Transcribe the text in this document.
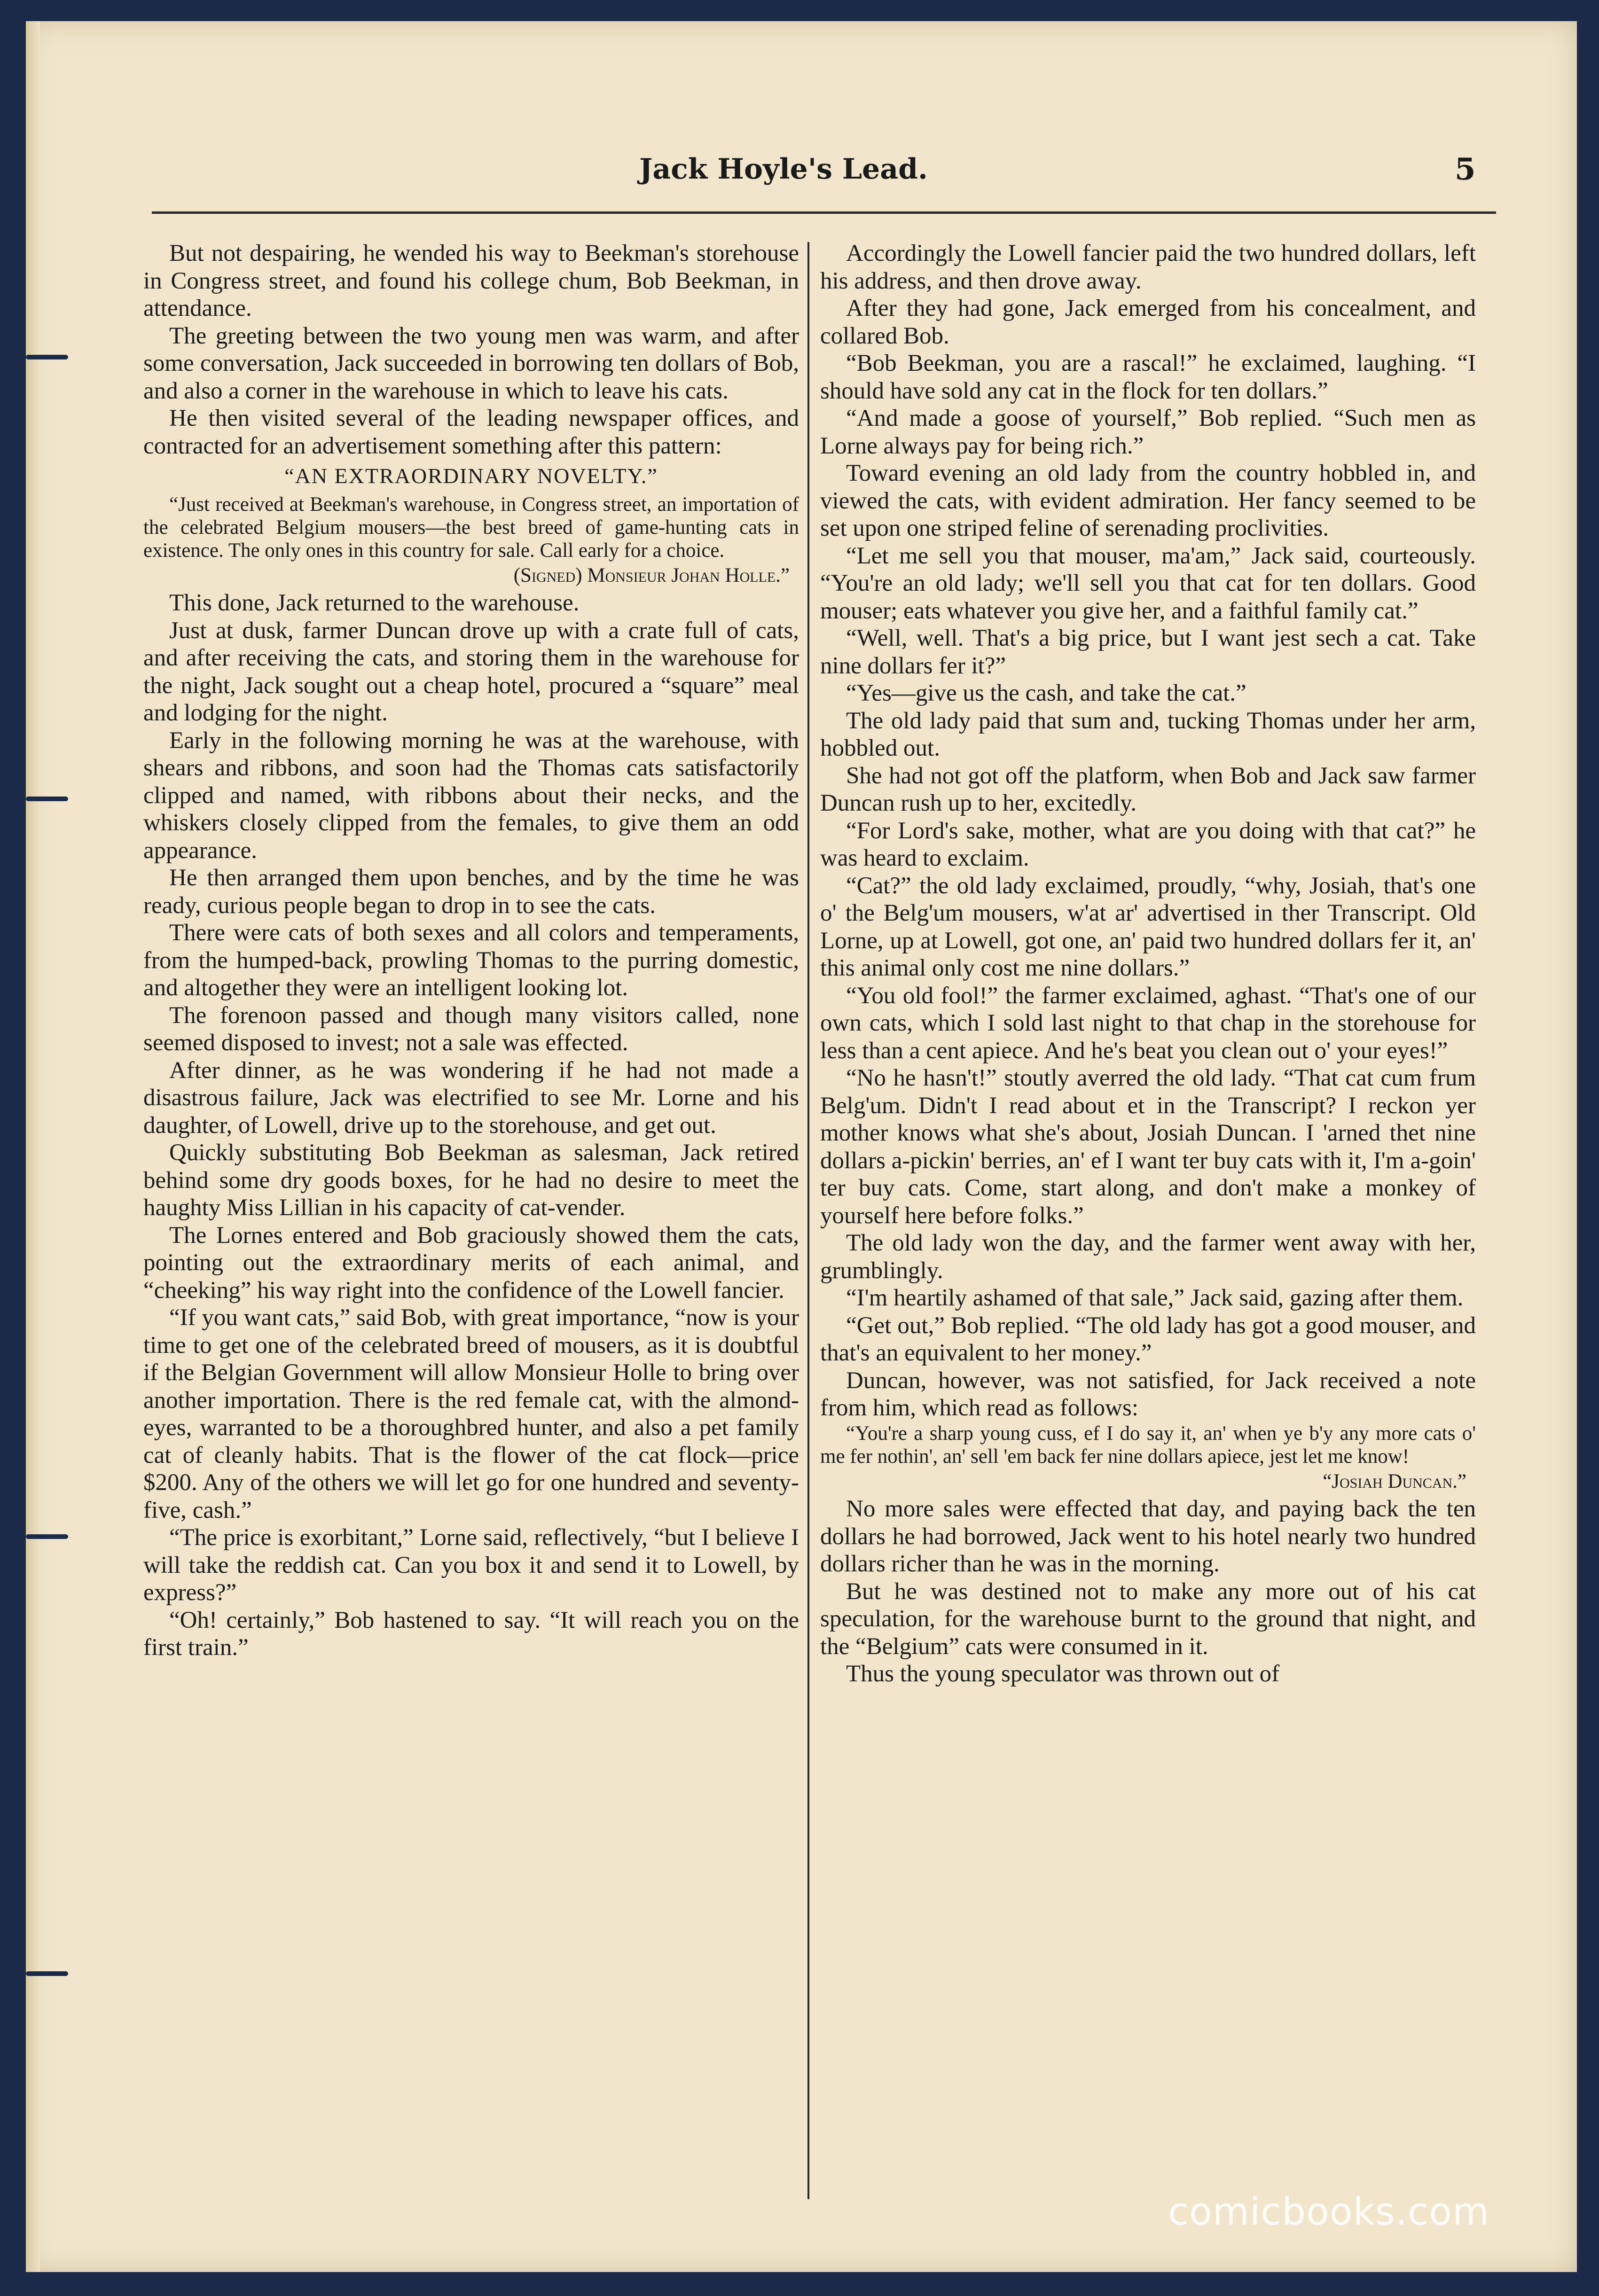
Jack Hoyle's Lead.	5

But not despairing, he wended his way to Beekman's storehouse in Congress street, and found his college chum, Bob Beekman, in attendance.

The greeting between the two young men was warm, and after some conversation, Jack succeeded in borrowing ten dollars of Bob, and also a corner in the warehouse in which to leave his cats.

He then visited several of the leading newspaper offices, and contracted for an advertisement something after this pattern:

“AN EXTRAORDINARY NOVELTY.”

“Just received at Beekman's warehouse, in Congress street, an importation of the celebrated Belgium mousers—the best breed of game-hunting cats in existence. The only ones in this country for sale. Call early for a choice.

(Signed) Monsieur Johan Holle.”

This done, Jack returned to the warehouse.

Just at dusk, farmer Duncan drove up with a crate full of cats, and after receiving the cats, and storing them in the warehouse for the night, Jack sought out a cheap hotel, procured a “square” meal and lodging for the night.

Early in the following morning he was at the warehouse, with shears and ribbons, and soon had the Thomas cats satisfactorily clipped and named, with ribbons about their necks, and the whiskers closely clipped from the females, to give them an odd appearance.

He then arranged them upon benches, and by the time he was ready, curious people began to drop in to see the cats.

There were cats of both sexes and all colors and temperaments, from the humped-back, prowling Thomas to the purring domestic, and altogether they were an intelligent looking lot.

The forenoon passed and though many visitors called, none seemed disposed to invest; not a sale was effected.

After dinner, as he was wondering if he had not made a disastrous failure, Jack was electrified to see Mr. Lorne and his daughter, of Lowell, drive up to the storehouse, and get out.

Quickly substituting Bob Beekman as salesman, Jack retired behind some dry goods boxes, for he had no desire to meet the haughty Miss Lillian in his capacity of cat-vender.

The Lornes entered and Bob graciously showed them the cats, pointing out the extraordinary merits of each animal, and “cheeking” his way right into the confidence of the Lowell fancier.

“If you want cats,” said Bob, with great importance, “now is your time to get one of the celebrated breed of mousers, as it is doubtful if the Belgian Government will allow Monsieur Holle to bring over another importation. There is the red female cat, with the almond-eyes, warranted to be a thoroughbred hunter, and also a pet family cat of cleanly habits. That is the flower of the cat flock—price $200. Any of the others we will let go for one hundred and seventy-five, cash.”

“The price is exorbitant,” Lorne said, reflectively, “but I believe I will take the reddish cat. Can you box it and send it to Lowell, by express?”

“Oh! certainly,” Bob hastened to say. “It will reach you on the first train.”

Accordingly the Lowell fancier paid the two hundred dollars, left his address, and then drove away.

After they had gone, Jack emerged from his concealment, and collared Bob.

“Bob Beekman, you are a rascal!” he exclaimed, laughing. “I should have sold any cat in the flock for ten dollars.”

“And made a goose of yourself,” Bob replied. “Such men as Lorne always pay for being rich.”

Toward evening an old lady from the country hobbled in, and viewed the cats, with evident admiration. Her fancy seemed to be set upon one striped feline of serenading proclivities.

“Let me sell you that mouser, ma'am,” Jack said, courteously. “You're an old lady; we'll sell you that cat for ten dollars. Good mouser; eats whatever you give her, and a faithful family cat.”

“Well, well. That's a big price, but I want jest sech a cat. Take nine dollars fer it?”

“Yes—give us the cash, and take the cat.”

The old lady paid that sum and, tucking Thomas under her arm, hobbled out.

She had not got off the platform, when Bob and Jack saw farmer Duncan rush up to her, excitedly.

“For Lord's sake, mother, what are you doing with that cat?” he was heard to exclaim.

“Cat?” the old lady exclaimed, proudly, “why, Josiah, that's one o' the Belg'um mousers, w'at ar' advertised in ther Transcript. Old Lorne, up at Lowell, got one, an' paid two hundred dollars fer it, an' this animal only cost me nine dollars.”

“You old fool!” the farmer exclaimed, aghast. “That's one of our own cats, which I sold last night to that chap in the storehouse for less than a cent apiece. And he's beat you clean out o' your eyes!”

“No he hasn't!” stoutly averred the old lady. “That cat cum frum Belg'um. Didn't I read about et in the Transcript? I reckon yer mother knows what she's about, Josiah Duncan. I 'arned thet nine dollars a-pickin' berries, an' ef I want ter buy cats with it, I'm a-goin' ter buy cats. Come, start along, and don't make a monkey of yourself here before folks.”

The old lady won the day, and the farmer went away with her, grumblingly.

“I'm heartily ashamed of that sale,” Jack said, gazing after them.

“Get out,” Bob replied. “The old lady has got a good mouser, and that's an equivalent to her money.”

Duncan, however, was not satisfied, for Jack received a note from him, which read as follows:

“You're a sharp young cuss, ef I do say it, an' when ye b'y any more cats o' me fer nothin', an' sell 'em back fer nine dollars apiece, jest let me know!

“Josiah Duncan.”

No more sales were effected that day, and paying back the ten dollars he had borrowed, Jack went to his hotel nearly two hundred dollars richer than he was in the morning.

But he was destined not to make any more out of his cat speculation, for the warehouse burnt to the ground that night, and the “Belgium” cats were consumed in it.

Thus the young speculator was thrown out of

comicbooks.com
